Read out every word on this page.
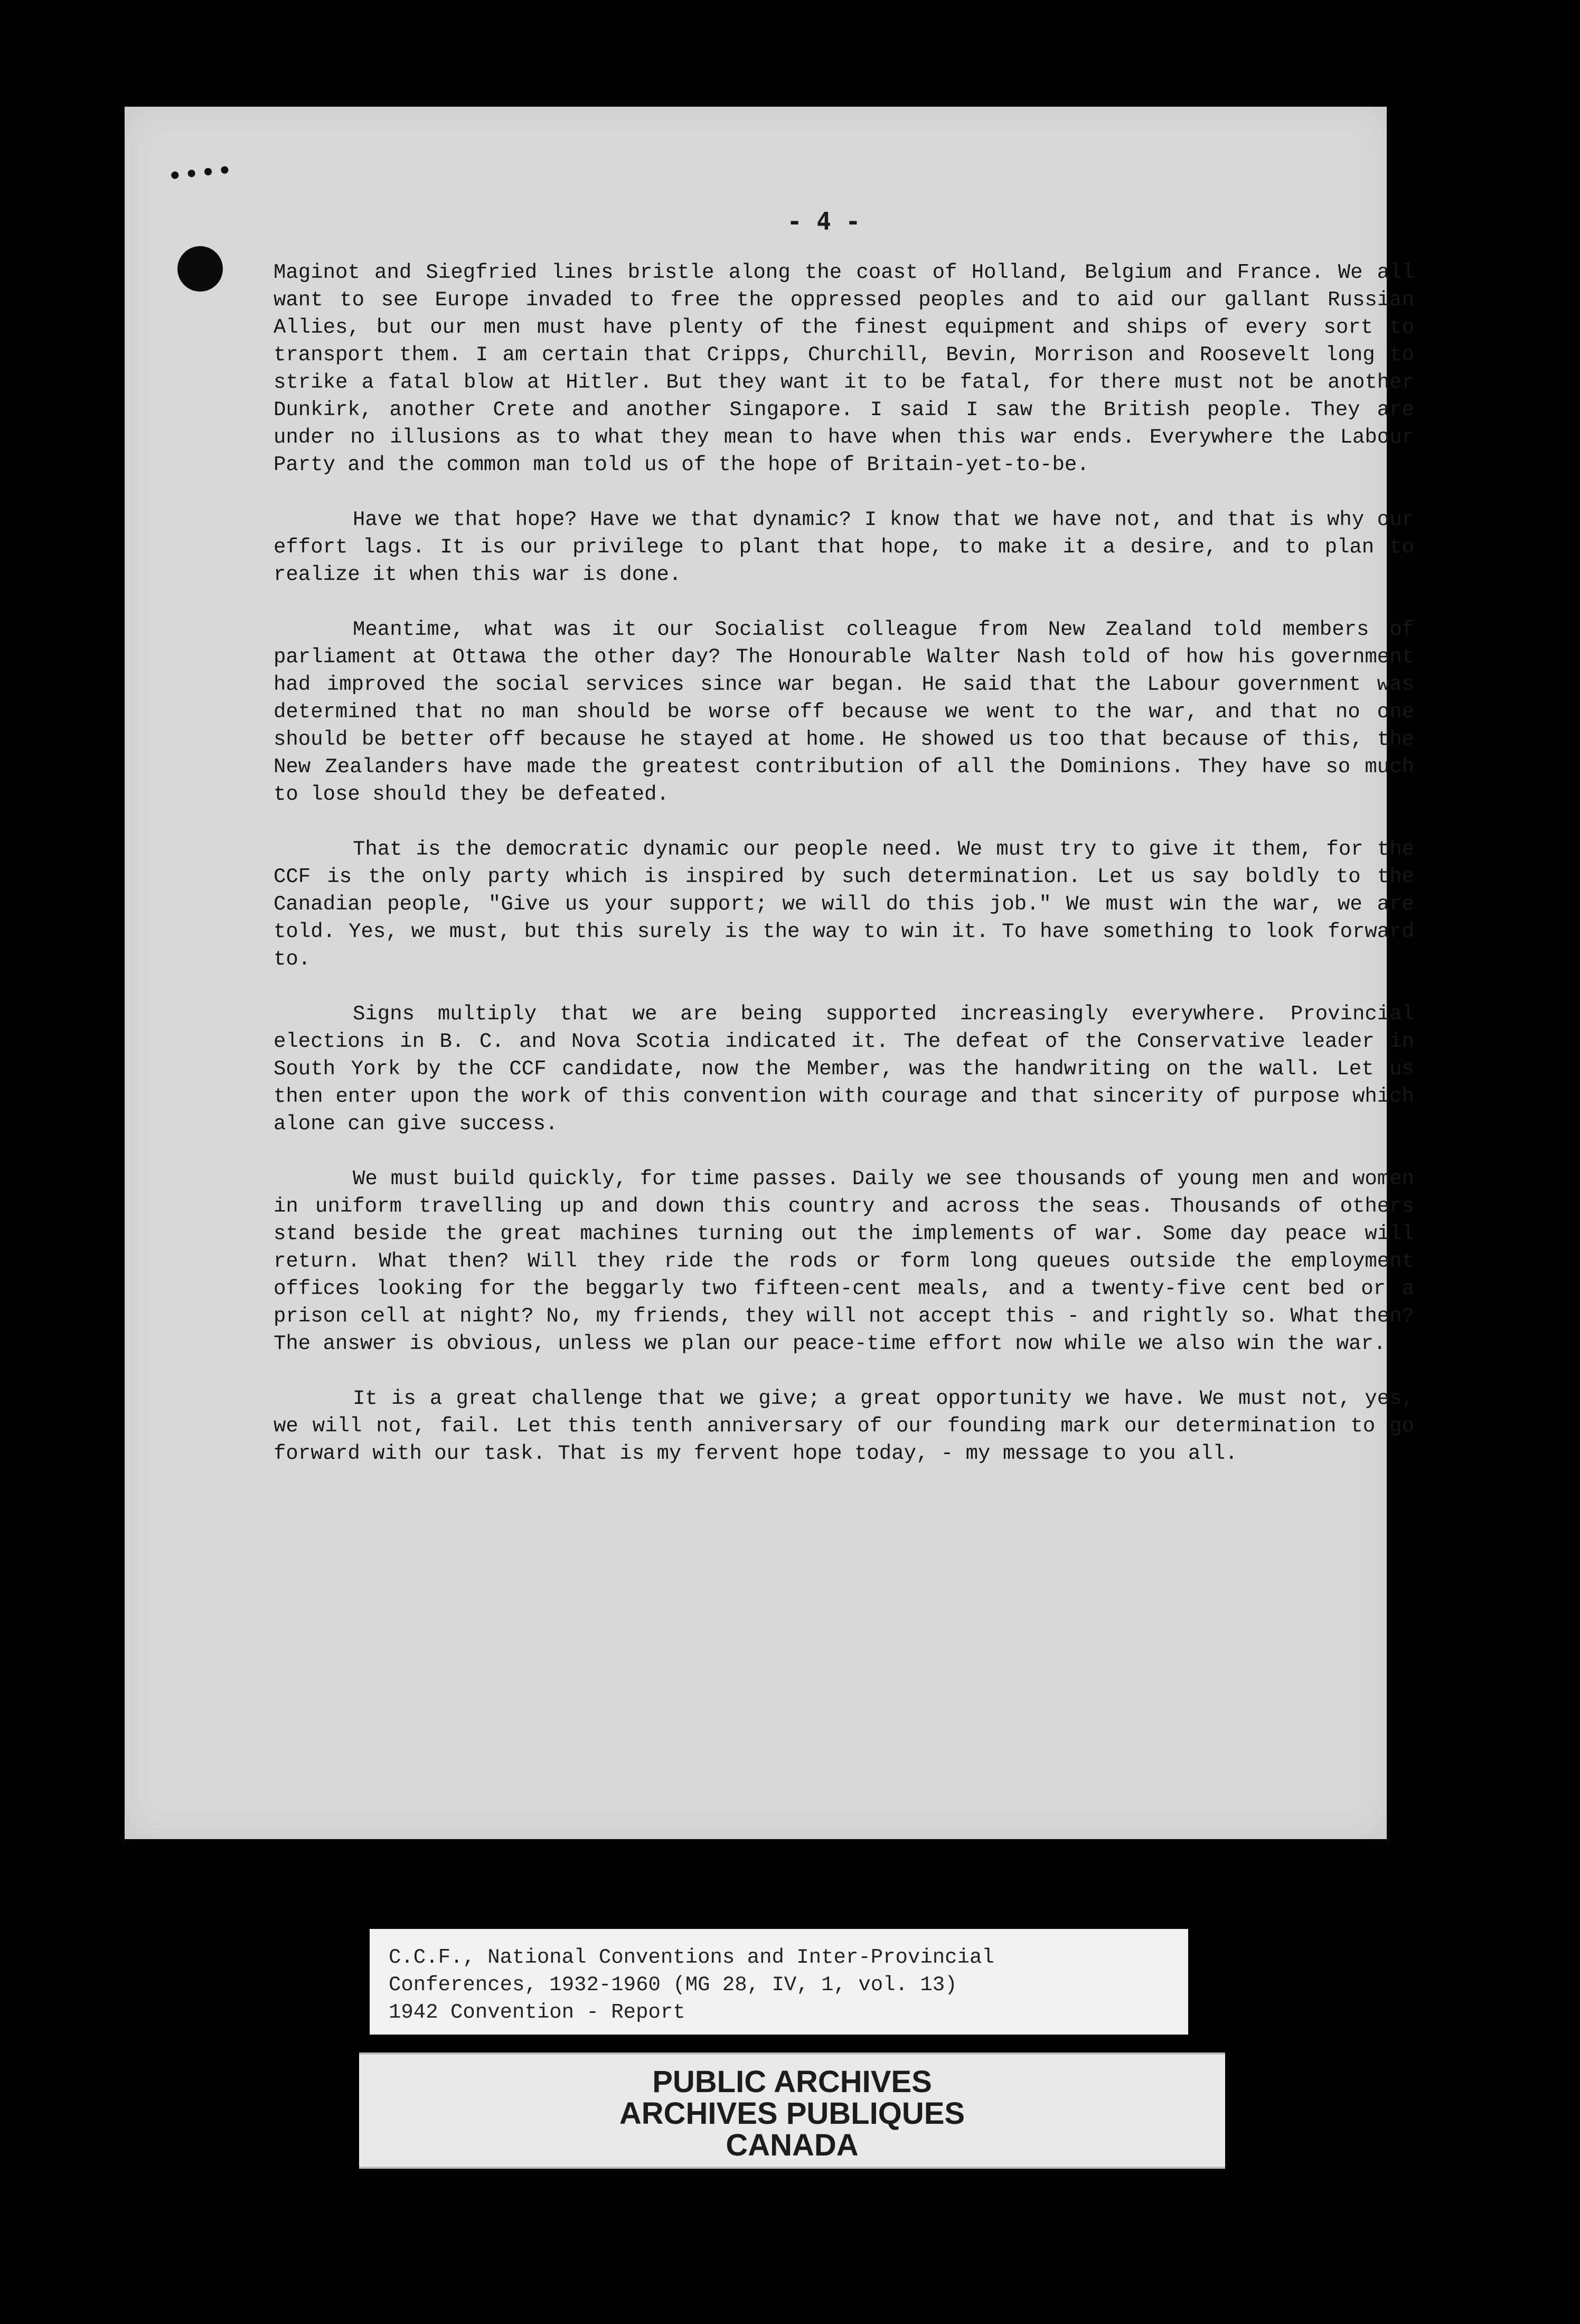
••••
- 4 -

Maginot and Siegfried lines bristle along the coast of Holland, Belgium and France. We all want to see Europe invaded to free the oppressed peoples and to aid our gallant Russian Allies, but our men must have plenty of the finest equipment and ships of every sort to transport them. I am certain that Cripps, Churchill, Bevin, Morrison and Roosevelt long to strike a fatal blow at Hitler. But they want it to be fatal, for there must not be another Dunkirk, another Crete and another Singapore. I said I saw the British people. They are under no illusions as to what they mean to have when this war ends. Everywhere the Labour Party and the common man told us of the hope of Britain-yet-to-be.

Have we that hope? Have we that dynamic? I know that we have not, and that is why our effort lags. It is our privilege to plant that hope, to make it a desire, and to plan to realize it when this war is done.

Meantime, what was it our Socialist colleague from New Zealand told members of parliament at Ottawa the other day? The Honourable Walter Nash told of how his government had improved the social services since war began. He said that the Labour government was determined that no man should be worse off because we went to the war, and that no one should be better off because he stayed at home. He showed us too that because of this, the New Zealanders have made the greatest contribution of all the Dominions. They have so much to lose should they be defeated.

That is the democratic dynamic our people need. We must try to give it them, for the CCF is the only party which is inspired by such determination. Let us say boldly to the Canadian people, "Give us your support; we will do this job." We must win the war, we are told. Yes, we must, but this surely is the way to win it. To have something to look forward to.

Signs multiply that we are being supported increasingly everywhere. Provincial elections in B. C. and Nova Scotia indicated it. The defeat of the Conservative leader in South York by the CCF candidate, now the Member, was the handwriting on the wall. Let us then enter upon the work of this convention with courage and that sincerity of purpose which alone can give success.

We must build quickly, for time passes. Daily we see thousands of young men and women in uniform travelling up and down this country and across the seas. Thousands of others stand beside the great machines turning out the implements of war. Some day peace will return. What then? Will they ride the rods or form long queues outside the employment offices looking for the beggarly two fifteen-cent meals, and a twenty-five cent bed or a prison cell at night? No, my friends, they will not accept this - and rightly so. What then? The answer is obvious, unless we plan our peace-time effort now while we also win the war.

It is a great challenge that we give; a great opportunity we have. We must not, yes, we will not, fail. Let this tenth anniversary of our founding mark our determination to go forward with our task. That is my fervent hope today, - my message to you all.

C.C.F., National Conventions and Inter-Provincial
Conferences, 1932-1960 (MG 28, IV, 1, vol. 13)
1942 Convention - Report
PUBLIC ARCHIVES
ARCHIVES PUBLIQUES
CANADA
